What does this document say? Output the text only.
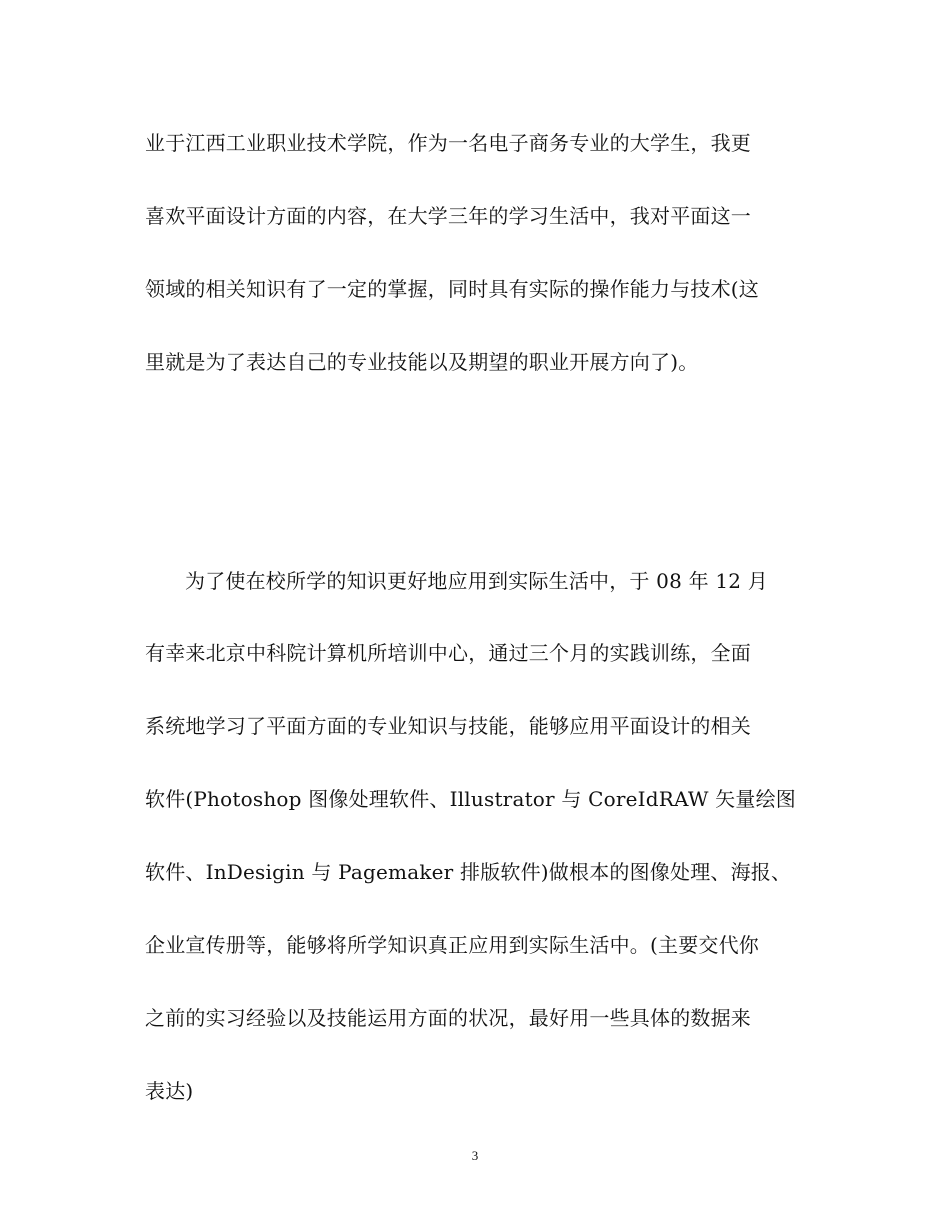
业于江西工业职业技术学院，作为一名电子商务专业的大学生，我更
喜欢平面设计方面的内容，在大学三年的学习生活中，我对平面这一
领域的相关知识有了一定的掌握，同时具有实际的操作能力与技术(这
里就是为了表达自己的专业技能以及期望的职业开展方向了)。
为了使在校所学的知识更好地应用到实际生活中，于 08 年 12 月
有幸来北京中科院计算机所培训中心，通过三个月的实践训练，全面
系统地学习了平面方面的专业知识与技能，能够应用平面设计的相关
软件(Photoshop 图像处理软件、Illustrator 与 CoreIdRAW 矢量绘图
软件、InDesigin 与 Pagemaker 排版软件)做根本的图像处理、海报、
企业宣传册等，能够将所学知识真正应用到实际生活中。(主要交代你
之前的实习经验以及技能运用方面的状况，最好用一些具体的数据来
表达)
3
